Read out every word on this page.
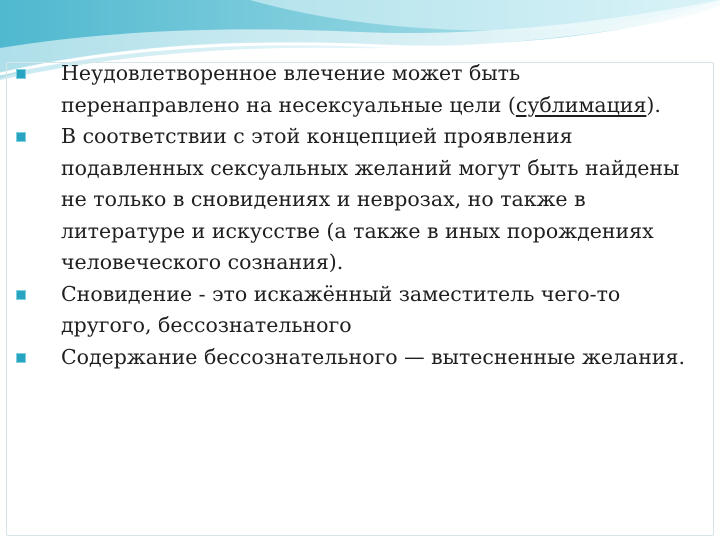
Неудовлетворенное влечение может быть перенаправлено на несексуальные цели (сублимация).
В соответствии с этой концепцией проявления подавленных сексуальных желаний могут быть найдены не только в сновидениях и неврозах, но также в литературе и искусстве (а также в иных порождениях человеческого сознания).
Сновидение - это искажённый заместитель чего-то другого, бессознательного
Содержание бессознательного — вытесненные желания.
